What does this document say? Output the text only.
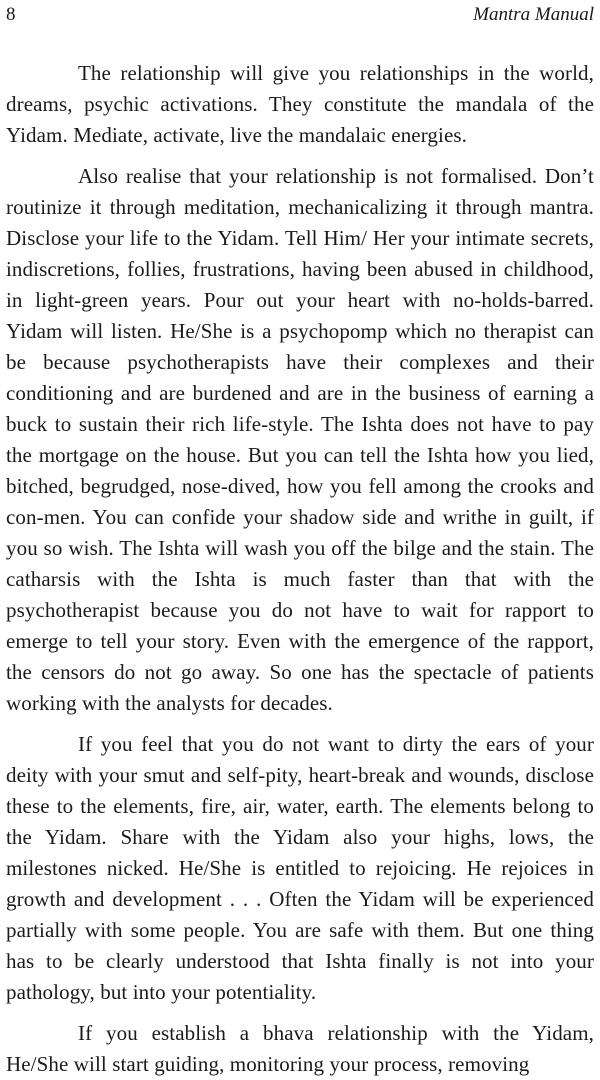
8	Mantra Manual

The relationship will give you relationships in the world, dreams, psychic activations. They constitute the mandala of the Yidam. Mediate, activate, live the mandalaic energies.

Also realise that your relationship is not formalised. Don’t routinize it through meditation, mechanicalizing it through mantra. Disclose your life to the Yidam. Tell Him/ Her your intimate secrets, indiscretions, follies, frustrations, having been abused in childhood, in light-green years. Pour out your heart with no-holds-barred. Yidam will listen. He/She is a psychopomp which no therapist can be because psychotherapists have their complexes and their conditioning and are burdened and are in the business of earning a buck to sustain their rich life-style. The Ishta does not have to pay the mortgage on the house. But you can tell the Ishta how you lied, bitched, begrudged, nose-dived, how you fell among the crooks and con-men. You can confide your shadow side and writhe in guilt, if you so wish. The Ishta will wash you off the bilge and the stain. The catharsis with the Ishta is much faster than that with the psychotherapist because you do not have to wait for rapport to emerge to tell your story. Even with the emergence of the rapport, the censors do not go away. So one has the spectacle of patients working with the analysts for decades.

If you feel that you do not want to dirty the ears of your deity with your smut and self-pity, heart-break and wounds, disclose these to the elements, fire, air, water, earth. The elements belong to the Yidam. Share with the Yidam also your highs, lows, the milestones nicked. He/She is entitled to rejoicing. He rejoices in growth and development . . . Often the Yidam will be experienced partially with some people. You are safe with them. But one thing has to be clearly understood that Ishta finally is not into your pathology, but into your potentiality.

If you establish a bhava relationship with the Yidam, He/She will start guiding, monitoring your process, removing
